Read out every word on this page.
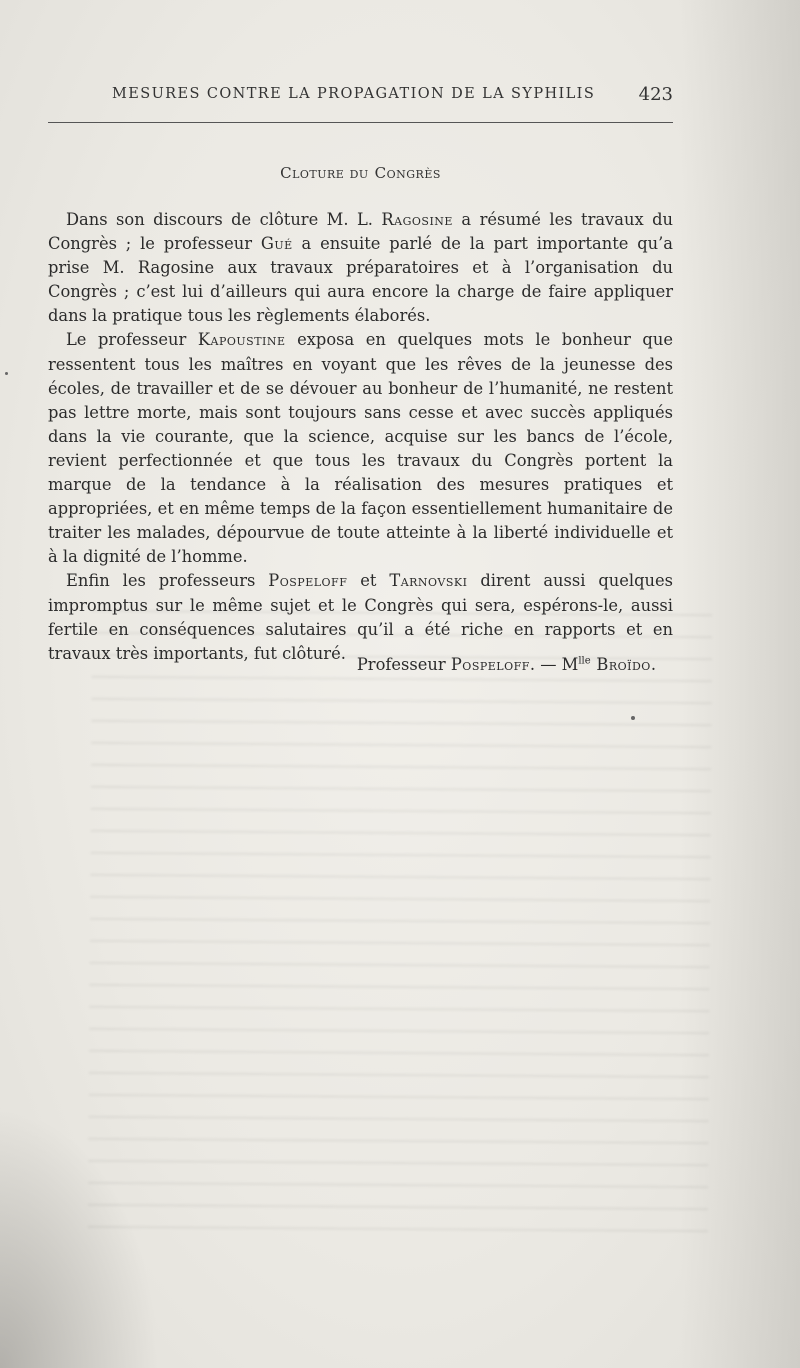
MESURES CONTRE LA PROPAGATION DE LA SYPHILIS 423
Cloture du Congrès

Dans son discours de clôture M. L. Ragosine a résumé les travaux du Congrès ; le professeur Gué a ensuite parlé de la part importante qu’a prise M. Ragosine aux travaux préparatoires et à l’organisation du Congrès ; c’est lui d’ailleurs qui aura encore la charge de faire appliquer dans la pratique tous les règlements élaborés.

Le professeur Kapoustine exposa en quelques mots le bonheur que ressentent tous les maîtres en voyant que les rêves de la jeunesse des écoles, de travailler et de se dévouer au bonheur de l’humanité, ne restent pas lettre morte, mais sont toujours sans cesse et avec succès appliqués dans la vie courante, que la science, acquise sur les bancs de l’école, revient perfectionnée et que tous les travaux du Congrès portent la marque de la tendance à la réalisation des mesures pratiques et appropriées, et en même temps de la façon essentiellement humanitaire de traiter les malades, dépourvue de toute atteinte à la liberté individuelle et à la dignité de l’homme.

Enfin les professeurs Pospeloff et Tarnovski dirent aussi quelques impromptus sur le même sujet et le Congrès qui sera, espérons-le, aussi fertile en conséquences salutaires qu’il a été riche en rapports et en travaux très importants, fut clôturé.

Professeur Pospeloff. — $M^{lle}$ Broïdo.
